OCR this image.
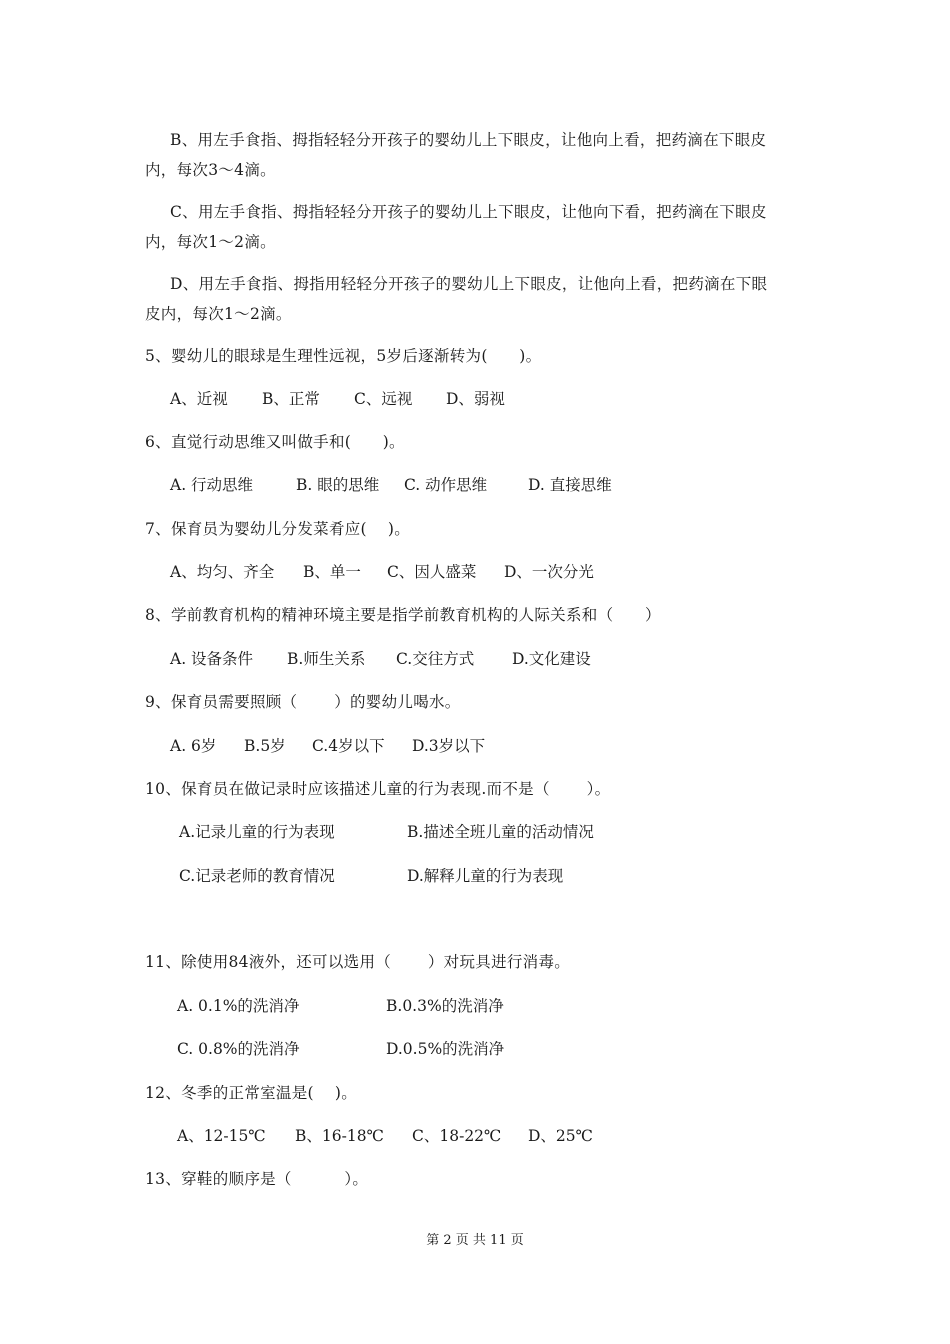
B、用左手食指、拇指轻轻分开孩子的婴幼儿上下眼皮，让他向上看，把药滴在下眼皮
内，每次3～4滴。
C、用左手食指、拇指轻轻分开孩子的婴幼儿上下眼皮，让他向下看，把药滴在下眼皮
内，每次1～2滴。
D、用左手食指、拇指用轻轻分开孩子的婴幼儿上下眼皮，让他向上看，把药滴在下眼
皮内，每次1～2滴。
5、婴幼儿的眼球是生理性远视，5岁后逐渐转为(　　)。
A、近视 B、正常 C、远视 D、弱视
6、直觉行动思维又叫做手和(　　)。
A. 行动思维	B. 眼的思维 C. 动作思维	D. 直接思维
7、保育员为婴幼儿分发菜肴应(　 )。
A、均匀、齐全 B、单一 C、因人盛菜 D、一次分光
8、学前教育机构的精神环境主要是指学前教育机构的人际关系和（　　）
A. 设备条件 B.师生关系 C.交往方式 D.文化建设
9、保育员需要照顾（　　 ）的婴幼儿喝水。
A. 6岁 B.5岁 C.4岁以下 D.3岁以下
10、保育员在做记录时应该描述儿童的行为表现.而不是（　　 ）。
A.记录儿童的行为表现	B.描述全班儿童的活动情况
C.记录老师的教育情况	D.解释儿童的行为表现
11、除使用84液外，还可以选用（　　 ）对玩具进行消毒。
A. 0.1%的洗消净	B.0.3%的洗消净
C. 0.8%的洗消净	D.0.5%的洗消净
12、冬季的正常室温是(　 )。
A、12-15℃ B、16-18℃ C、18-22℃ D、25℃
13、穿鞋的顺序是（　　　 ）。
第 2 页 共 11 页
